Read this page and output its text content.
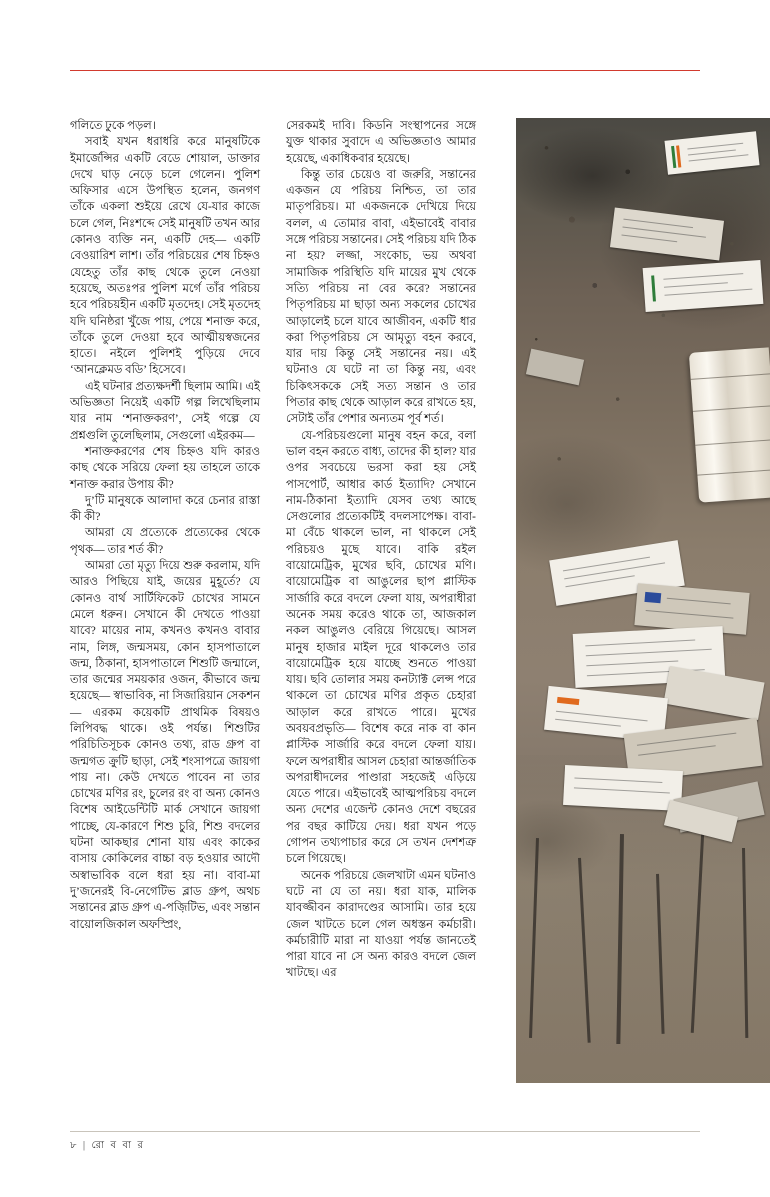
গলিতে ঢুকে পড়ল।

সবাই যখন ধরাধরি করে মানুষটিকে ইমার্জেন্সির একটি বেডে শোয়াল, ডাক্তার দেখে ঘাড় নেড়ে চলে গেলেন। পুলিশ অফিসার এসে উপস্থিত হলেন, জনগণ তাঁকে একলা শুইয়ে রেখে যে-যার কাজে চলে গেল, নিঃশব্দে সেই মানুষটি তখন আর কোনও ব্যক্তি নন, একটি দেহ— একটি বেওয়ারিশ লাশ। তাঁর পরিচয়ের শেষ চিহ্নও যেহেতু তাঁর কাছ থেকে তুলে নেওয়া হয়েছে, অতঃপর পুলিশ মর্গে তাঁর পরিচয় হবে পরিচয়হীন একটি মৃতদেহ। সেই মৃতদেহ যদি ঘনিষ্ঠরা খুঁজে পায়, পেয়ে শনাক্ত করে, তাঁকে তুলে দেওয়া হবে আত্মীয়স্বজনের হাতে। নইলে পুলিশই পুড়িয়ে দেবে ‘আনক্লেমড বডি’ হিসেবে।

এই ঘটনার প্রত্যক্ষদর্শী ছিলাম আমি। এই অভিজ্ঞতা নিয়েই একটি গল্প লিখেছিলাম যার নাম ‘শনাক্তকরণ’, সেই গল্পে যে প্রশ্নগুলি তুলেছিলাম, সেগুলো এইরকম—

শনাক্তকরণের শেষ চিহ্নও যদি কারও কাছ থেকে সরিয়ে ফেলা হয় তাহলে তাকে শনাক্ত করার উপায় কী?

দু’টি মানুষকে আলাদা করে চেনার রাস্তা কী কী?

আমরা যে প্রত্যেকে প্রত্যেকের থেকে পৃথক— তার শর্ত কী?

আমরা তো মৃত্যু দিয়ে শুরু করলাম, যদি আরও পিছিয়ে যাই, জয়ের মুহূর্তে? যে কোনও বার্থ সার্টিফিকেট চোখের সামনে মেলে ধরুন। সেখানে কী দেখতে পাওয়া যাবে? মায়ের নাম, কখনও কখনও বাবার নাম, লিঙ্গ, জন্মসময়, কোন হাসপাতালে জন্ম, ঠিকানা, হাসপাতালে শিশুটি জন্মালে, তার জন্মের সময়কার ওজন, কীভাবে জন্ম হয়েছে— স্বাভাবিক, না সিজারিয়ান সেকশন— এরকম কয়েকটি প্রাথমিক বিষয়ও লিপিবদ্ধ থাকে। ওই পর্যন্ত। শিশুটির পরিচিতিসূচক কোনও তথ্য, রাড গ্রুপ বা জন্মগত ক্রুটি ছাড়া, সেই শংসাপত্রে জায়গা পায় না। কেউ দেখতে পাবেন না তার চোখের মণির রং, চুলের রং বা অন্য কোনও বিশেষ আইডেন্টিটি মার্ক সেখানে জায়গা পাচ্ছে, যে-কারণে শিশু চুরি, শিশু বদলের ঘটনা আকছার শোনা যায় এবং কাকের বাসায় কোকিলের বাচ্চা বড় হওয়ার আদৌ অস্বাভাবিক বলে ধরা হয় না। বাবা-মা দু’জনেরই বি-নেগেটিভ ব্লাড গ্রুপ, অথচ সন্তানের ব্লাড গ্রুপ এ-পজ়িটিভ, এবং সন্তান বায়োলজিকাল অফস্প্রিং,

সেরকমই দাবি। কিডনি সংস্থাপনের সঙ্গে যুক্ত থাকার সুবাদে এ অভিজ্ঞতাও আমার হয়েছে, একাধিকবার হয়েছে।

কিন্তু তার চেয়েও বা জরুরি, সন্তানের একজন যে পরিচয় নিশ্চিত, তা তার মাতৃপরিচয়। মা একজনকে দেখিয়ে দিয়ে বলল, এ তোমার বাবা, এইভাবেই বাবার সঙ্গে পরিচয় সন্তানের। সেই পরিচয় যদি ঠিক না হয়? লজ্জা, সংকোচ, ভয় অথবা সামাজিক পরিস্থিতি যদি মায়ের মুখ থেকে সত্যি পরিচয় না বের করে? সন্তানের পিতৃপরিচয় মা ছাড়া অন্য সকলের চোখের আড়ালেই চলে যাবে আজীবন, একটি ধার করা পিতৃপরিচয় সে আমৃত্যু বহন করবে, যার দায় কিন্তু সেই সন্তানের নয়। এই ঘটনাও যে ঘটে না তা কিন্তু নয়, এবং চিকিৎসককে সেই সত্য সন্তান ও তার পিতার কাছ থেকে আড়াল করে রাখতে হয়, সেটাই তাঁর পেশার অন্যতম পূর্ব শর্ত।

যে-পরিচয়গুলো মানুষ বহন করে, বলা ভাল বহন করতে বাধ্য, তাদের কী হাল? যার ওপর সবচেয়ে ভরসা করা হয় সেই পাসপোর্ট, আধার কার্ড ইত্যাদি? সেখানে নাম-ঠিকানা ইত্যাদি যেসব তথ্য আছে সেগুলোর প্রত্যেকটিই বদলসাপেক্ষ। বাবা-মা বেঁচে থাকলে ভাল, না থাকলে সেই পরিচয়ও মুছে যাবে। বাকি রইল বায়োমেট্রিক, মুখের ছবি, চোখের মণি। বায়োমেট্রিক বা আঙুলের ছাপ প্লাস্টিক সার্জারি করে বদলে ফেলা যায়, অপরাধীরা অনেক সময় করেও থাকে তা, আজকাল নকল আঙুলও বেরিয়ে গিয়েছে। আসল মানুষ হাজার মাইল দূরে থাকলেও তার বায়োমেট্রিক হয়ে যাচ্ছে শুনতে পাওয়া যায়। ছবি তোলার সময় কনট্যাক্ট লেন্স পরে থাকলে তা চোখের মণির প্রকৃত চেহারা আড়াল করে রাখতে পারে। মুখের অবয়বপ্রভৃতি— বিশেষ করে নাক বা কান প্লাস্টিক সার্জারি করে বদলে ফেলা যায়। ফলে অপরাধীর আসল চেহারা আন্তর্জাতিক অপরাধীদলের পাণ্ডারা সহজেই এড়িয়ে যেতে পারে। এইভাবেই আত্মপরিচয় বদলে অন্য দেশের এজেন্ট কোনও দেশে বছরের পর বছর কাটিয়ে দেয়। ধরা যখন পড়ে গোপন তথ্যপাচার করে সে তখন দেশশত্রু চলে গিয়েছে।

অনেক পরিচয়ে জেলখাটা এমন ঘটনাও ঘটে না যে তা নয়। ধরা যাক, মালিক যাবজ্জীবন কারাদণ্ডের আসামি। তার হয়ে জেল খাটতে চলে গেল অধস্তন কর্মচারী। কর্মচারীটি মারা না যাওয়া পর্যন্ত জানতেই পারা যাবে না সে অন্য কারও বদলে জেল খাটছে। এর

৮ | রো ব বা র
